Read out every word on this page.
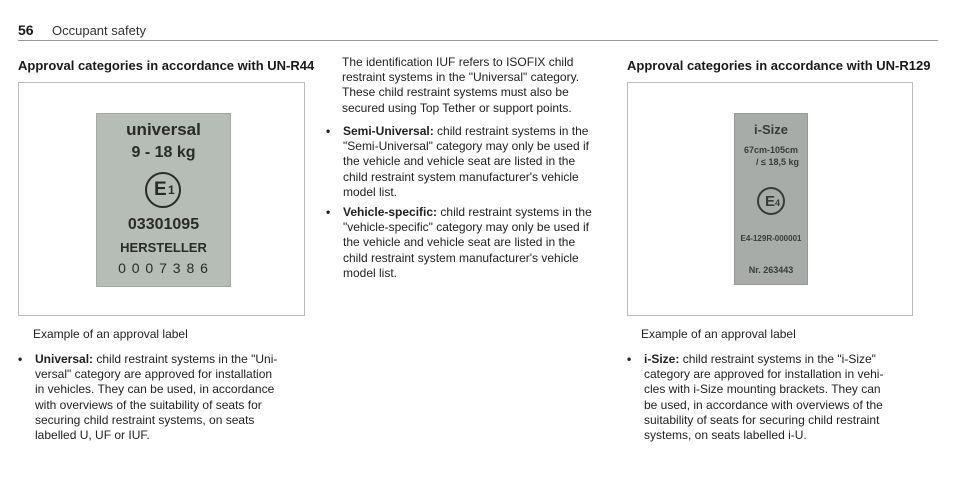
56 Occupant safety
Approval categories in accordance with UN-R44
universal
9 - 18 kg
E 1
03301095
HERSTELLER
0 0 0 7 3 8 6
Example of an approval label
• Universal: child restraint systems in the "Uni-
versal" category are approved for installation
in vehicles. They can be used, in accordance
with overviews of the suitability of seats for
securing child restraint systems, on seats
labelled U, UF or IUF.
The identification IUF refers to ISOFIX child
restraint systems in the "Universal" category.
These child restraint systems must also be
secured using Top Tether or support points.
• Semi-Universal: child restraint systems in the
"Semi-Universal" category may only be used if
the vehicle and vehicle seat are listed in the
child restraint system manufacturer's vehicle
model list.
• Vehicle-specific: child restraint systems in the
"vehicle-specific" category may only be used if
the vehicle and vehicle seat are listed in the
child restraint system manufacturer's vehicle
model list.
Approval categories in accordance with UN-R129
i-Size
67cm-105cm
/ ≤ 18,5 kg
E 4
E4-129R-000001
Nr. 263443
Example of an approval label
• i-Size: child restraint systems in the "i-Size"
category are approved for installation in vehi-
cles with i-Size mounting brackets. They can
be used, in accordance with overviews of the
suitability of seats for securing child restraint
systems, on seats labelled i-U.
